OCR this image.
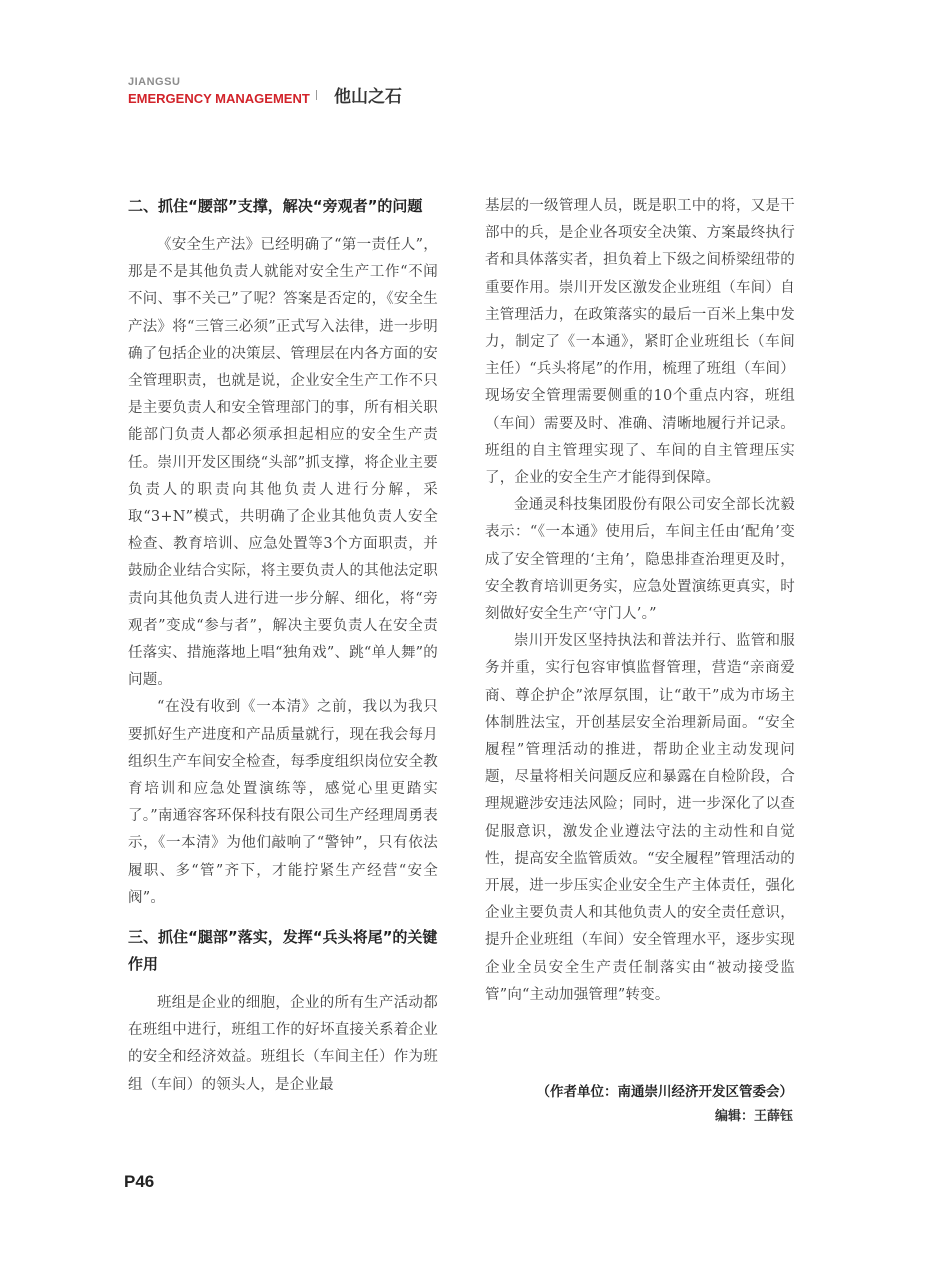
JIANGSU
EMERGENCY MANAGEMENT 他山之石
二、抓住“腰部”支撑，解决“旁观者”的问题

《安全生产法》已经明确了“第一责任人”，那是不是其他负责人就能对安全生产工作“不闻不问、事不关己”了呢？答案是否定的，《安全生产法》将“三管三必须”正式写入法律，进一步明确了包括企业的决策层、管理层在内各方面的安全管理职责，也就是说，企业安全生产工作不只是主要负责人和安全管理部门的事，所有相关职能部门负责人都必须承担起相应的安全生产责任。崇川开发区围绕“头部”抓支撑，将企业主要负责人的职责向其他负责人进行分解，采取“3+N”模式，共明确了企业其他负责人安全检查、教育培训、应急处置等3个方面职责，并鼓励企业结合实际，将主要负责人的其他法定职责向其他负责人进行进一步分解、细化，将“旁观者”变成“参与者”，解决主要负责人在安全责任落实、措施落地上唱“独角戏”、跳“单人舞”的问题。

“在没有收到《一本清》之前，我以为我只要抓好生产进度和产品质量就行，现在我会每月组织生产车间安全检查，每季度组织岗位安全教育培训和应急处置演练等，感觉心里更踏实了。”南通容客环保科技有限公司生产经理周勇表示，《一本清》为他们敲响了“警钟”，只有依法履职、多“管”齐下，才能拧紧生产经营“安全阀”。

三、抓住“腿部”落实，发挥“兵头将尾”的关键作用

班组是企业的细胞，企业的所有生产活动都在班组中进行，班组工作的好坏直接关系着企业的安全和经济效益。班组长（车间主任）作为班组（车间）的领头人，是企业最

基层的一级管理人员，既是职工中的将，又是干部中的兵，是企业各项安全决策、方案最终执行者和具体落实者，担负着上下级之间桥梁纽带的重要作用。崇川开发区激发企业班组（车间）自主管理活力，在政策落实的最后一百米上集中发力，制定了《一本通》，紧盯企业班组长（车间主任）“兵头将尾”的作用，梳理了班组（车间）现场安全管理需要侧重的10个重点内容，班组（车间）需要及时、准确、清晰地履行并记录。班组的自主管理实现了、车间的自主管理压实了，企业的安全生产才能得到保障。

金通灵科技集团股份有限公司安全部长沈毅表示：“《一本通》使用后，车间主任由‘配角’变成了安全管理的‘主角’，隐患排查治理更及时，安全教育培训更务实，应急处置演练更真实，时刻做好安全生产‘守门人’。”

崇川开发区坚持执法和普法并行、监管和服务并重，实行包容审慎监督管理，营造“亲商爱商、尊企护企”浓厚氛围，让“敢干”成为市场主体制胜法宝，开创基层安全治理新局面。“安全履程”管理活动的推进，帮助企业主动发现问题，尽量将相关问题反应和暴露在自检阶段，合理规避涉安违法风险；同时，进一步深化了以查促服意识，激发企业遵法守法的主动性和自觉性，提高安全监管质效。“安全履程”管理活动的开展，进一步压实企业安全生产主体责任，强化企业主要负责人和其他负责人的安全责任意识，提升企业班组（车间）安全管理水平，逐步实现企业全员安全生产责任制落实由“被动接受监管”向“主动加强管理”转变。

（作者单位：南通崇川经济开发区管委会）
编辑：王薛钰
P46
